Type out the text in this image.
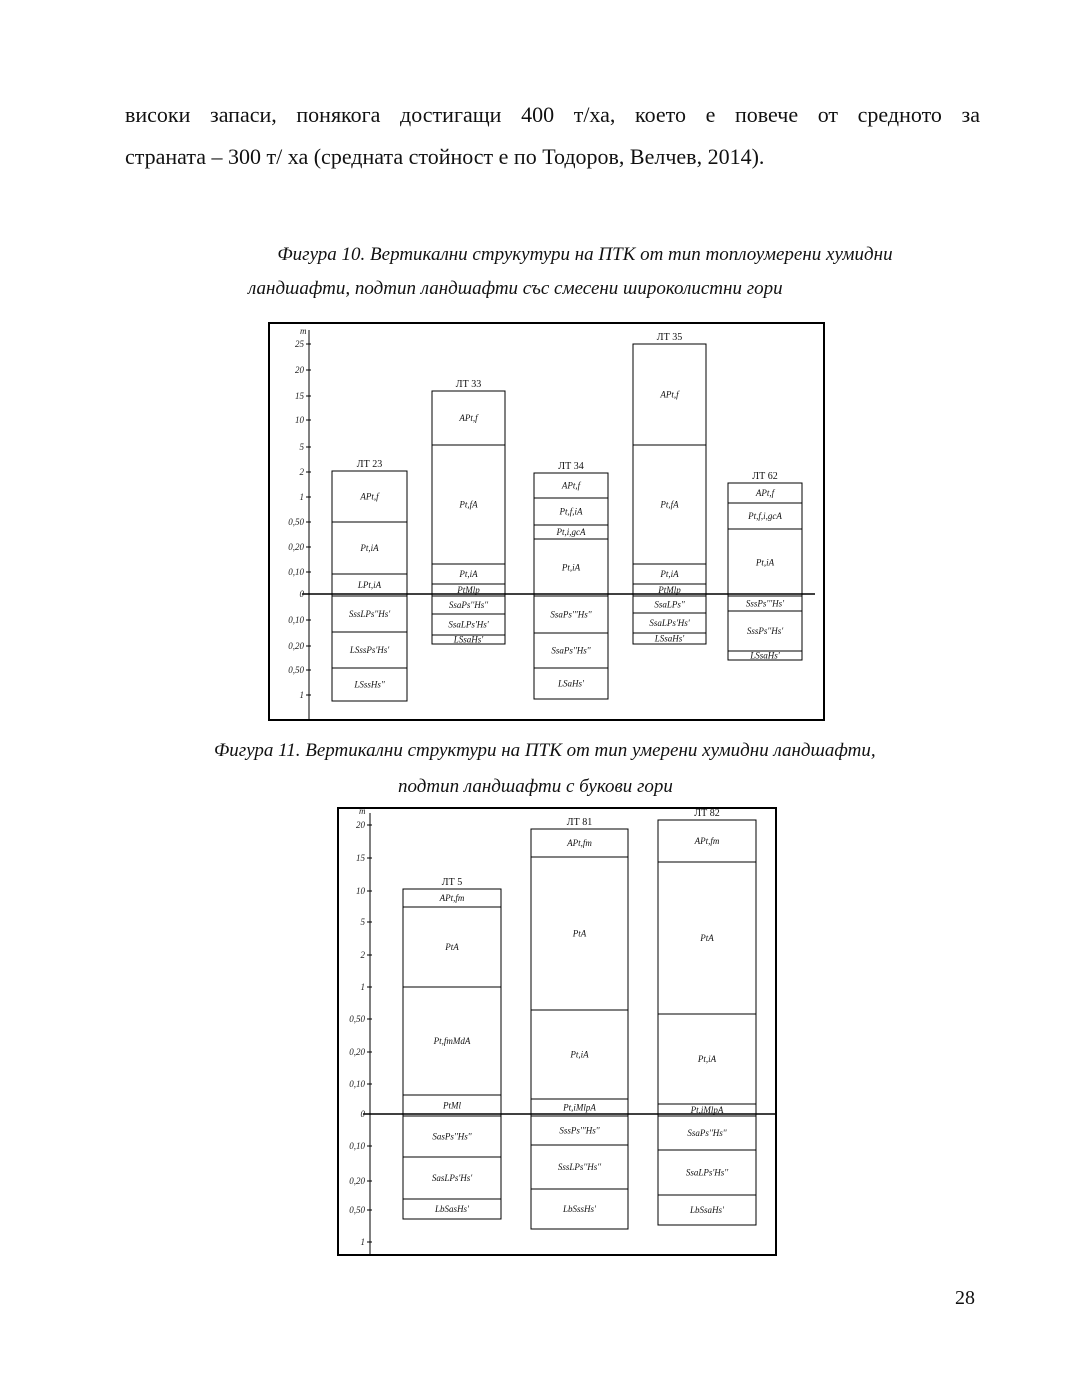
високи запаси, понякога достигащи 400 т/ха, което е повече от средното за
страната – 300 т/ ха (средната стойност е по Тодоров, Велчев, 2014).
Фигура 10. Вертикални струкутури на ПТК от тип топлоумерени хумидни
ландшафти, подтип ландшафти със смесени широколистни гори
m
25
20
15
10
5
2
1
0,50
0,20
0,10
0
0,10
0,20
0,50
1
ЛТ 23
APt,f
Pt,iA
LPt,iA
SssLPs''Hs'
LSssPs'Hs'
LSssHs''
ЛТ 33
APt,f
Pt,fA
Pt,iA
PtMlp
SsaPs''Hs''
SsaLPs'Hs'
LSsaHs'
ЛТ 34
APt,f
Pt,f,iA
Pt,i,gcA
Pt,iA
SsaPs'''Hs''
SsaPs''Hs''
LSaHs'
ЛТ 35
APt,f
Pt,fA
Pt,iA
PtMlp
SsaLPs''
SsaLPs'Hs'
LSsaHs'
ЛТ 62
APt,f
Pt,f,i,gcA
Pt,iA
SssPs'''Hs'
SssPs''Hs'
LSsaHs'
Фигура 11. Вертикални структури на ПТК от тип умерени хумидни ландшафти,
подтип ландшафти с букови гори
m
20
15
10
5
2
1
0,50
0,20
0,10
0
0,10
0,20
0,50
1
ЛТ 5
APt,fm
PtA
Pt,fmMdA
PtMl
SasPs''Hs''
SasLPs'Hs'
LbSasHs'
ЛТ 81
APt,fm
PtA
Pt,iA
Pt,iMlpA
SssPs'''Hs''
SssLPs''Hs''
LbSssHs'
ЛТ 82
APt,fm
PtA
Pt,iA
Pt,iMlpA
SsaPs''Hs''
SsaLPs'Hs''
LbSsaHs'
28
